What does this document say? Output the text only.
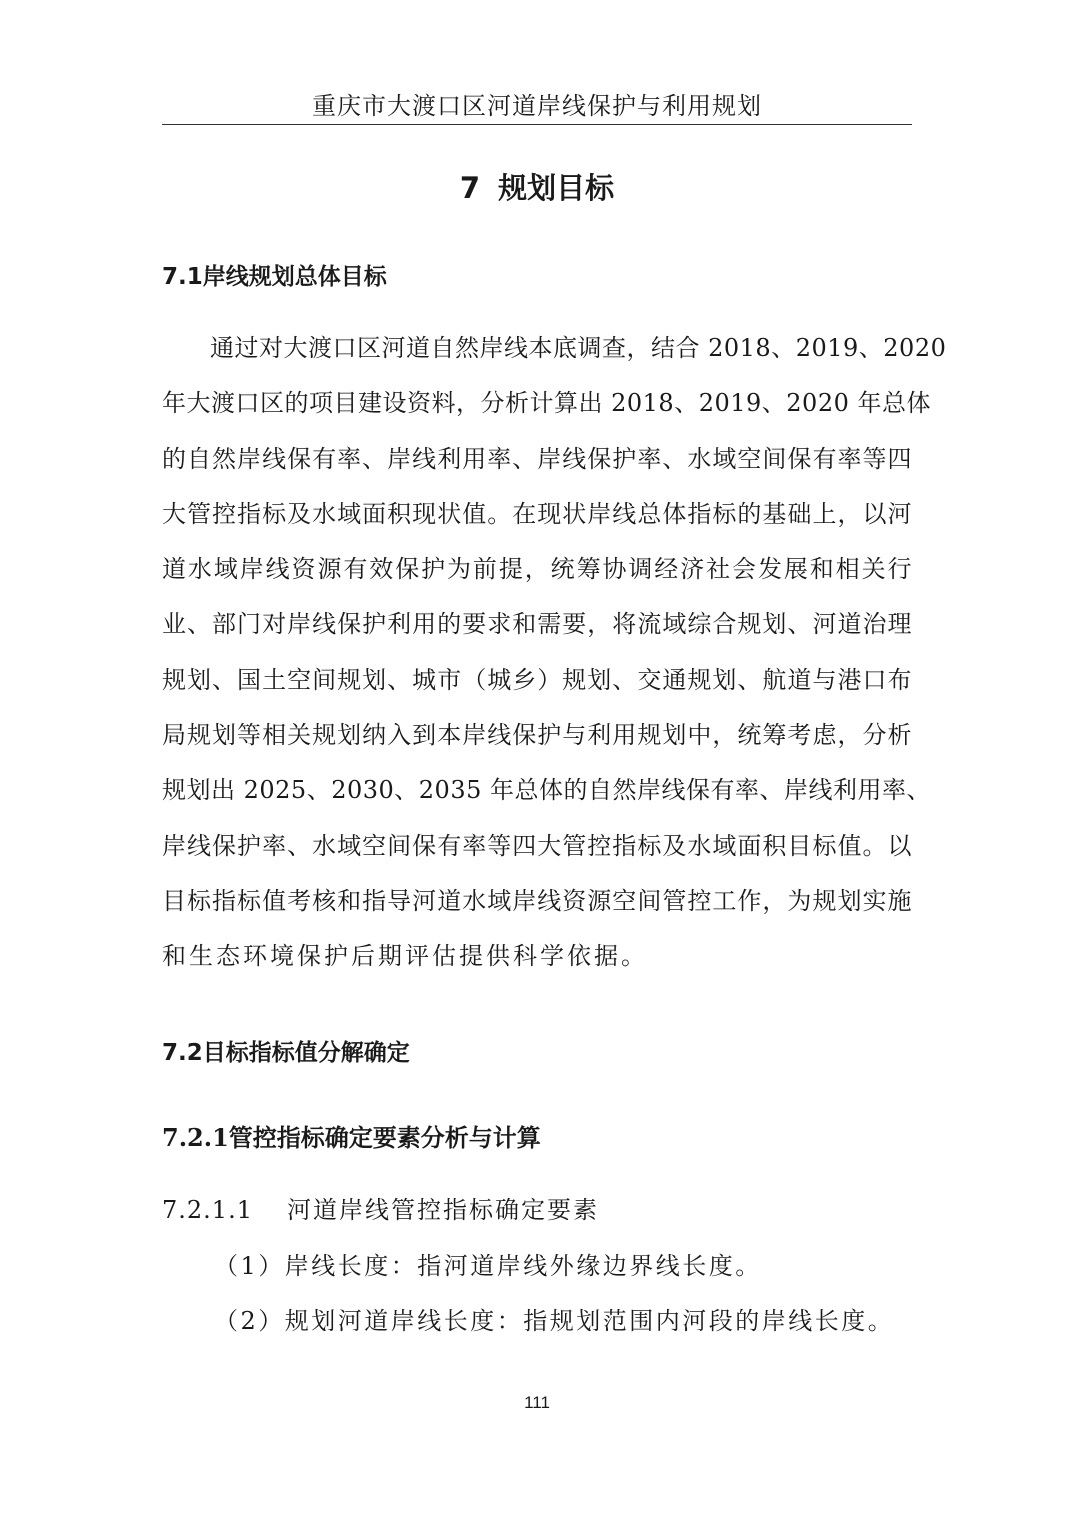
重庆市大渡口区河道岸线保护与利用规划
7 规划目标
7.1岸线规划总体目标
通过对大渡口区河道自然岸线本底调查，结合 2018、2019、2020
年大渡口区的项目建设资料，分析计算出 2018、2019、2020 年总体
的自然岸线保有率、岸线利用率、岸线保护率、水域空间保有率等四
大管控指标及水域面积现状值。在现状岸线总体指标的基础上，以河
道水域岸线资源有效保护为前提，统筹协调经济社会发展和相关行
业、部门对岸线保护利用的要求和需要，将流域综合规划、河道治理
规划、国土空间规划、城市（城乡）规划、交通规划、航道与港口布
局规划等相关规划纳入到本岸线保护与利用规划中，统筹考虑，分析
规划出 2025、2030、2035 年总体的自然岸线保有率、岸线利用率、
岸线保护率、水域空间保有率等四大管控指标及水域面积目标值。以
目标指标值考核和指导河道水域岸线资源空间管控工作，为规划实施
和生态环境保护后期评估提供科学依据。
7.2目标指标值分解确定
7.2.1管控指标确定要素分析与计算
7.2.1.1 河道岸线管控指标确定要素
（1）岸线长度：指河道岸线外缘边界线长度。
（2）规划河道岸线长度：指规划范围内河段的岸线长度。
111
